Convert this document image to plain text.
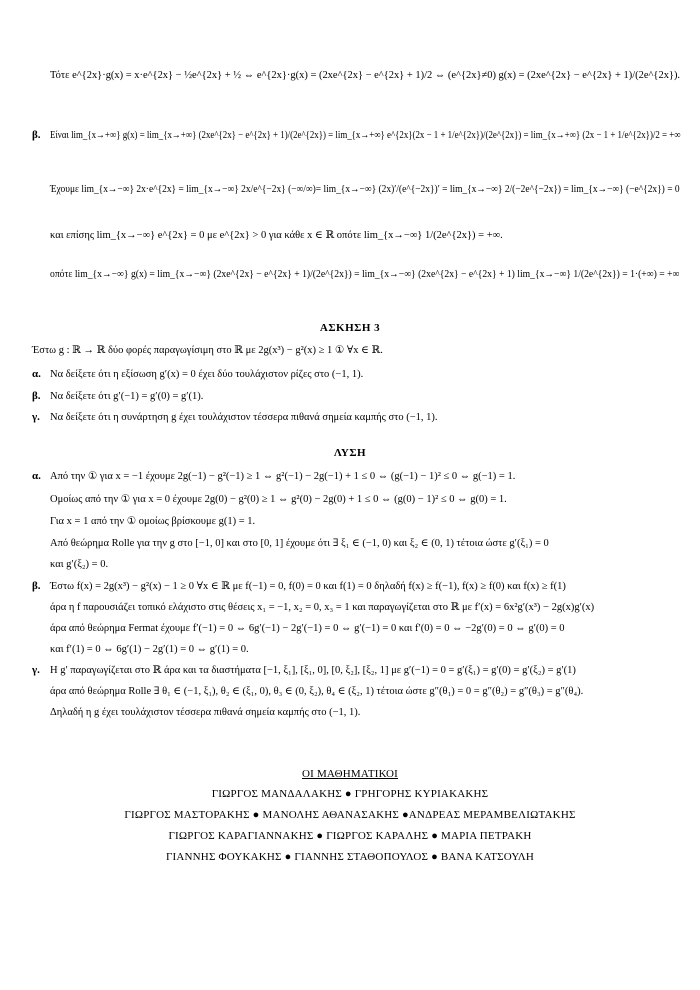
Τότε e^{2x}·g(x) = x·e^{2x} − ½e^{2x} + ½ ⇔ e^{2x}·g(x) = (2xe^{2x} − e^{2x} + 1)/2 ⇔ (e^{2x}≠0) g(x) = (2xe^{2x} − e^{2x} + 1)/(2e^{2x}).
β. Είναι lim_{x→+∞} g(x) = lim_{x→+∞} (2xe^{2x} − e^{2x} + 1)/(2e^{2x}) = lim_{x→+∞} e^{2x}(2x − 1 + 1/e^{2x})/(2e^{2x}) = lim_{x→+∞} (2x − 1 + 1/e^{2x})/2 = +∞
Έχουμε lim_{x→−∞} 2x·e^{2x} = lim_{x→−∞} 2x/e^{−2x} (−∞/∞)= lim_{x→−∞} (2x)′/(e^{−2x})′ = lim_{x→−∞} 2/(−2e^{−2x}) = lim_{x→−∞} (−e^{2x}) = 0
και επίσης lim_{x→−∞} e^{2x} = 0 με e^{2x} > 0 για κάθε x ∈ ℝ οπότε lim_{x→−∞} 1/(2e^{2x}) = +∞.
οπότε lim_{x→−∞} g(x) = lim_{x→−∞} (2xe^{2x} − e^{2x} + 1)/(2e^{2x}) = lim_{x→−∞} (2xe^{2x} − e^{2x} + 1) lim_{x→−∞} 1/(2e^{2x}) = 1·(+∞) = +∞
ΑΣΚΗΣΗ 3
Έστω g : ℝ → ℝ δύο φορές παραγωγίσιμη στο ℝ με 2g(x³) − g²(x) ≥ 1 ① ∀x ∈ ℝ.
α. Να δείξετε ότι η εξίσωση g′(x) = 0 έχει δύο τουλάχιστον ρίζες στο (−1, 1).
β. Να δείξετε ότι g′(−1) = g′(0) = g′(1).
γ. Να δείξετε ότι η συνάρτηση g έχει τουλάχιστον τέσσερα πιθανά σημεία καμπής στο (−1, 1).
ΛΥΣΗ
α. Από την ① για x = −1 έχουμε 2g(−1) − g²(−1) ≥ 1 ⇔ g²(−1) − 2g(−1) + 1 ≤ 0 ⇔ (g(−1) − 1)² ≤ 0 ⇔ g(−1) = 1.
Ομοίως από την ① για x = 0 έχουμε 2g(0) − g²(0) ≥ 1 ⇔ g²(0) − 2g(0) + 1 ≤ 0 ⇔ (g(0) − 1)² ≤ 0 ⇔ g(0) = 1.
Για x = 1 από την ① ομοίως βρίσκουμε g(1) = 1.
Από θεώρημα Rolle για την g στο [−1, 0] και στο [0, 1] έχουμε ότι ∃ ξ₁ ∈ (−1, 0) και ξ₂ ∈ (0, 1) τέτοια ώστε g′(ξ₁) = 0
και g′(ξ₂) = 0.
β. Έστω f(x) = 2g(x³) − g²(x) − 1 ≥ 0 ∀x ∈ ℝ με f(−1) = 0, f(0) = 0 και f(1) = 0 δηλαδή f(x) ≥ f(−1), f(x) ≥ f(0) και f(x) ≥ f(1)
άρα η f παρουσιάζει τοπικό ελάχιστο στις θέσεις x₁ = −1, x₂ = 0, x₃ = 1 και παραγωγίζεται στο ℝ με f′(x) = 6x²g′(x³) − 2g(x)g′(x)
άρα από θεώρημα Fermat έχουμε f′(−1) = 0 ⇔ 6g′(−1) − 2g′(−1) = 0 ⇔ g′(−1) = 0 και f′(0) = 0 ⇔ −2g′(0) = 0 ⇔ g′(0) = 0
και f′(1) = 0 ⇔ 6g′(1) − 2g′(1) = 0 ⇔ g′(1) = 0.
γ. Η g′ παραγωγίζεται στο ℝ άρα και τα διαστήματα [−1, ξ₁], [ξ₁, 0], [0, ξ₂], [ξ₂, 1] με g′(−1) = 0 = g′(ξ₁) = g′(0) = g′(ξ₂) = g′(1)
άρα από θεώρημα Rolle ∃ θ₁ ∈ (−1, ξ₁), θ₂ ∈ (ξ₁, 0), θ₃ ∈ (0, ξ₂), θ₄ ∈ (ξ₂, 1) τέτοια ώστε g″(θ₁) = 0 = g″(θ₂) = g″(θ₃) = g″(θ₄).
Δηλαδή η g έχει τουλάχιστον τέσσερα πιθανά σημεία καμπής στο (−1, 1).
ΟΙ ΜΑΘΗΜΑΤΙΚΟΙ
ΓΙΩΡΓΟΣ ΜΑΝΔΑΛΑΚΗΣ ● ΓΡΗΓΟΡΗΣ ΚΥΡΙΑΚΑΚΗΣ
ΓΙΩΡΓΟΣ ΜΑΣΤΟΡΑΚΗΣ ● ΜΑΝΟΛΗΣ ΑΘΑΝΑΣΑΚΗΣ ●ΑΝΔΡΕΑΣ ΜΕΡΑΜΒΕΛΙΩΤΑΚΗΣ
ΓΙΩΡΓΟΣ ΚΑΡΑΓΙΑΝΝΑΚΗΣ ● ΓΙΩΡΓΟΣ ΚΑΡΑΛΗΣ ● ΜΑΡΙΑ ΠΕΤΡΑΚΗ
ΓΙΑΝΝΗΣ ΦΟΥΚΑΚΗΣ ● ΓΙΑΝΝΗΣ ΣΤΑΘΟΠΟΥΛΟΣ ● ΒΑΝΑ ΚΑΤΣΟΥΛΗ
